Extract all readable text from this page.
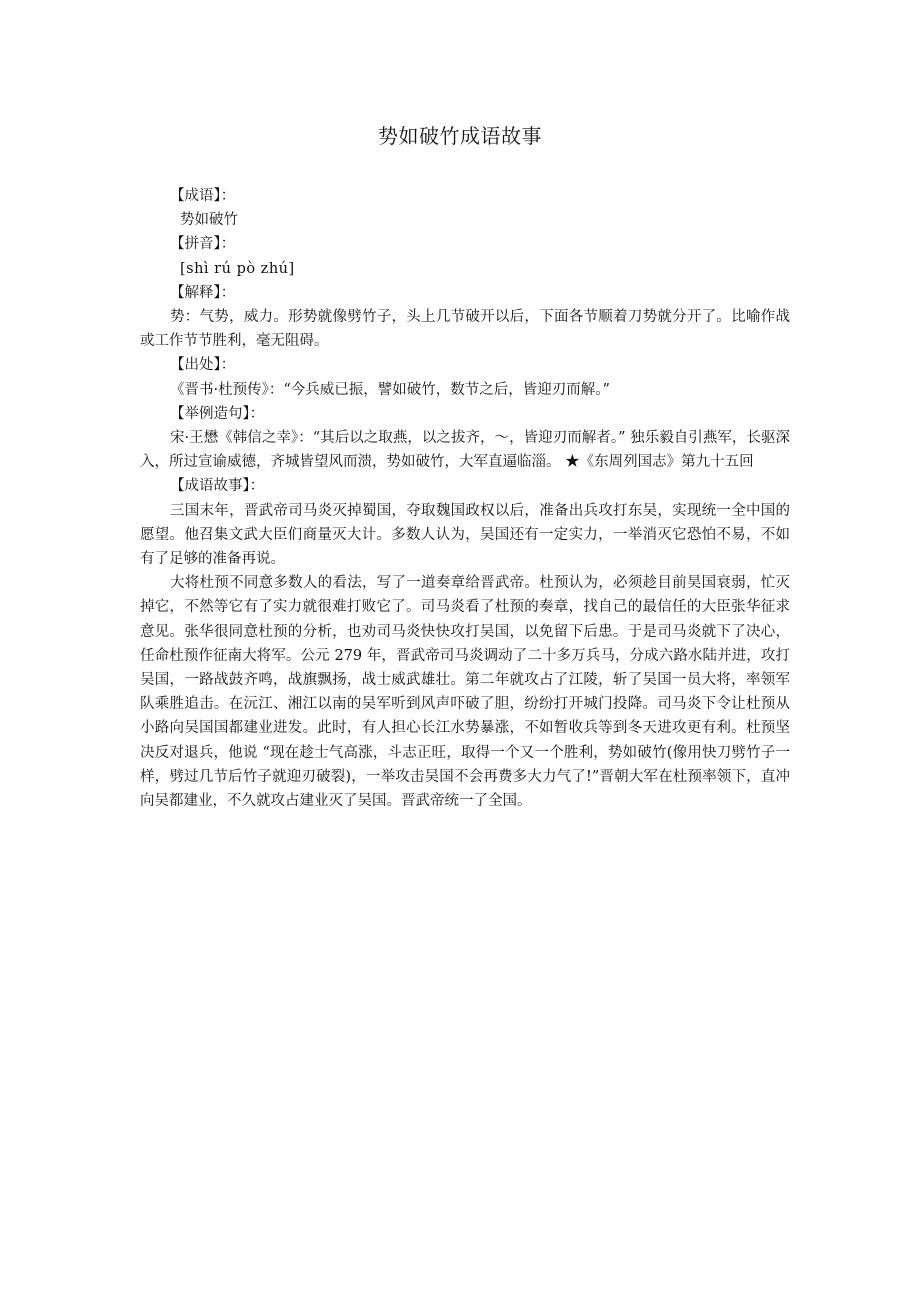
势如破竹成语故事

【成语】：

势如破竹

【拼音】：

[shì rú pò zhú]

【解释】：

势：气势，威力。形势就像劈竹子，头上几节破开以后，下面各节顺着刀势就分开了。比喻作战或工作节节胜利，毫无阻碍。

【出处】：

《晋书·杜预传》：“今兵威已振，譬如破竹，数节之后，皆迎刃而解。”

【举例造句】：

宋·王懋《韩信之幸》：“其后以之取燕，以之拔齐，～，皆迎刃而解者。” 独乐毅自引燕军，长驱深入，所过宣谕威德，齐城皆望风而溃，势如破竹，大军直逼临淄。 ★《东周列国志》第九十五回

【成语故事】：

三国末年，晋武帝司马炎灭掉蜀国，夺取魏国政权以后，准备出兵攻打东吴，实现统一全中国的愿望。他召集文武大臣们商量灭大计。多数人认为，吴国还有一定实力，一举消灭它恐怕不易，不如有了足够的准备再说。

大将杜预不同意多数人的看法，写了一道奏章给晋武帝。杜预认为，必须趁目前昊国衰弱，忙灭掉它，不然等它有了实力就很难打败它了。司马炎看了杜预的奏章，找自己的最信任的大臣张华征求意见。张华很同意杜预的分析，也劝司马炎快快攻打吴国，以免留下后患。于是司马炎就下了决心，任命杜预作征南大将军。公元 279 年，晋武帝司马炎调动了二十多万兵马，分成六路水陆并进，攻打吴国，一路战鼓齐鸣，战旗飘扬，战士威武雄壮。第二年就攻占了江陵，斩了吴国一员大将，率领军队乘胜追击。在沅江、湘江以南的吴军听到风声吓破了胆，纷纷打开城门投降。司马炎下令让杜预从小路向吴国国都建业进发。此时，有人担心长江水势暴涨，不如暂收兵等到冬天进攻更有利。杜预坚决反对退兵，他说 “现在趁士气高涨，斗志正旺，取得一个又一个胜利，势如破竹(像用快刀劈竹子一样，劈过几节后竹子就迎刃破裂)，一举攻击吴国不会再费多大力气了!”晋朝大军在杜预率领下，直冲向吴都建业，不久就攻占建业灭了吴国。晋武帝统一了全国。
